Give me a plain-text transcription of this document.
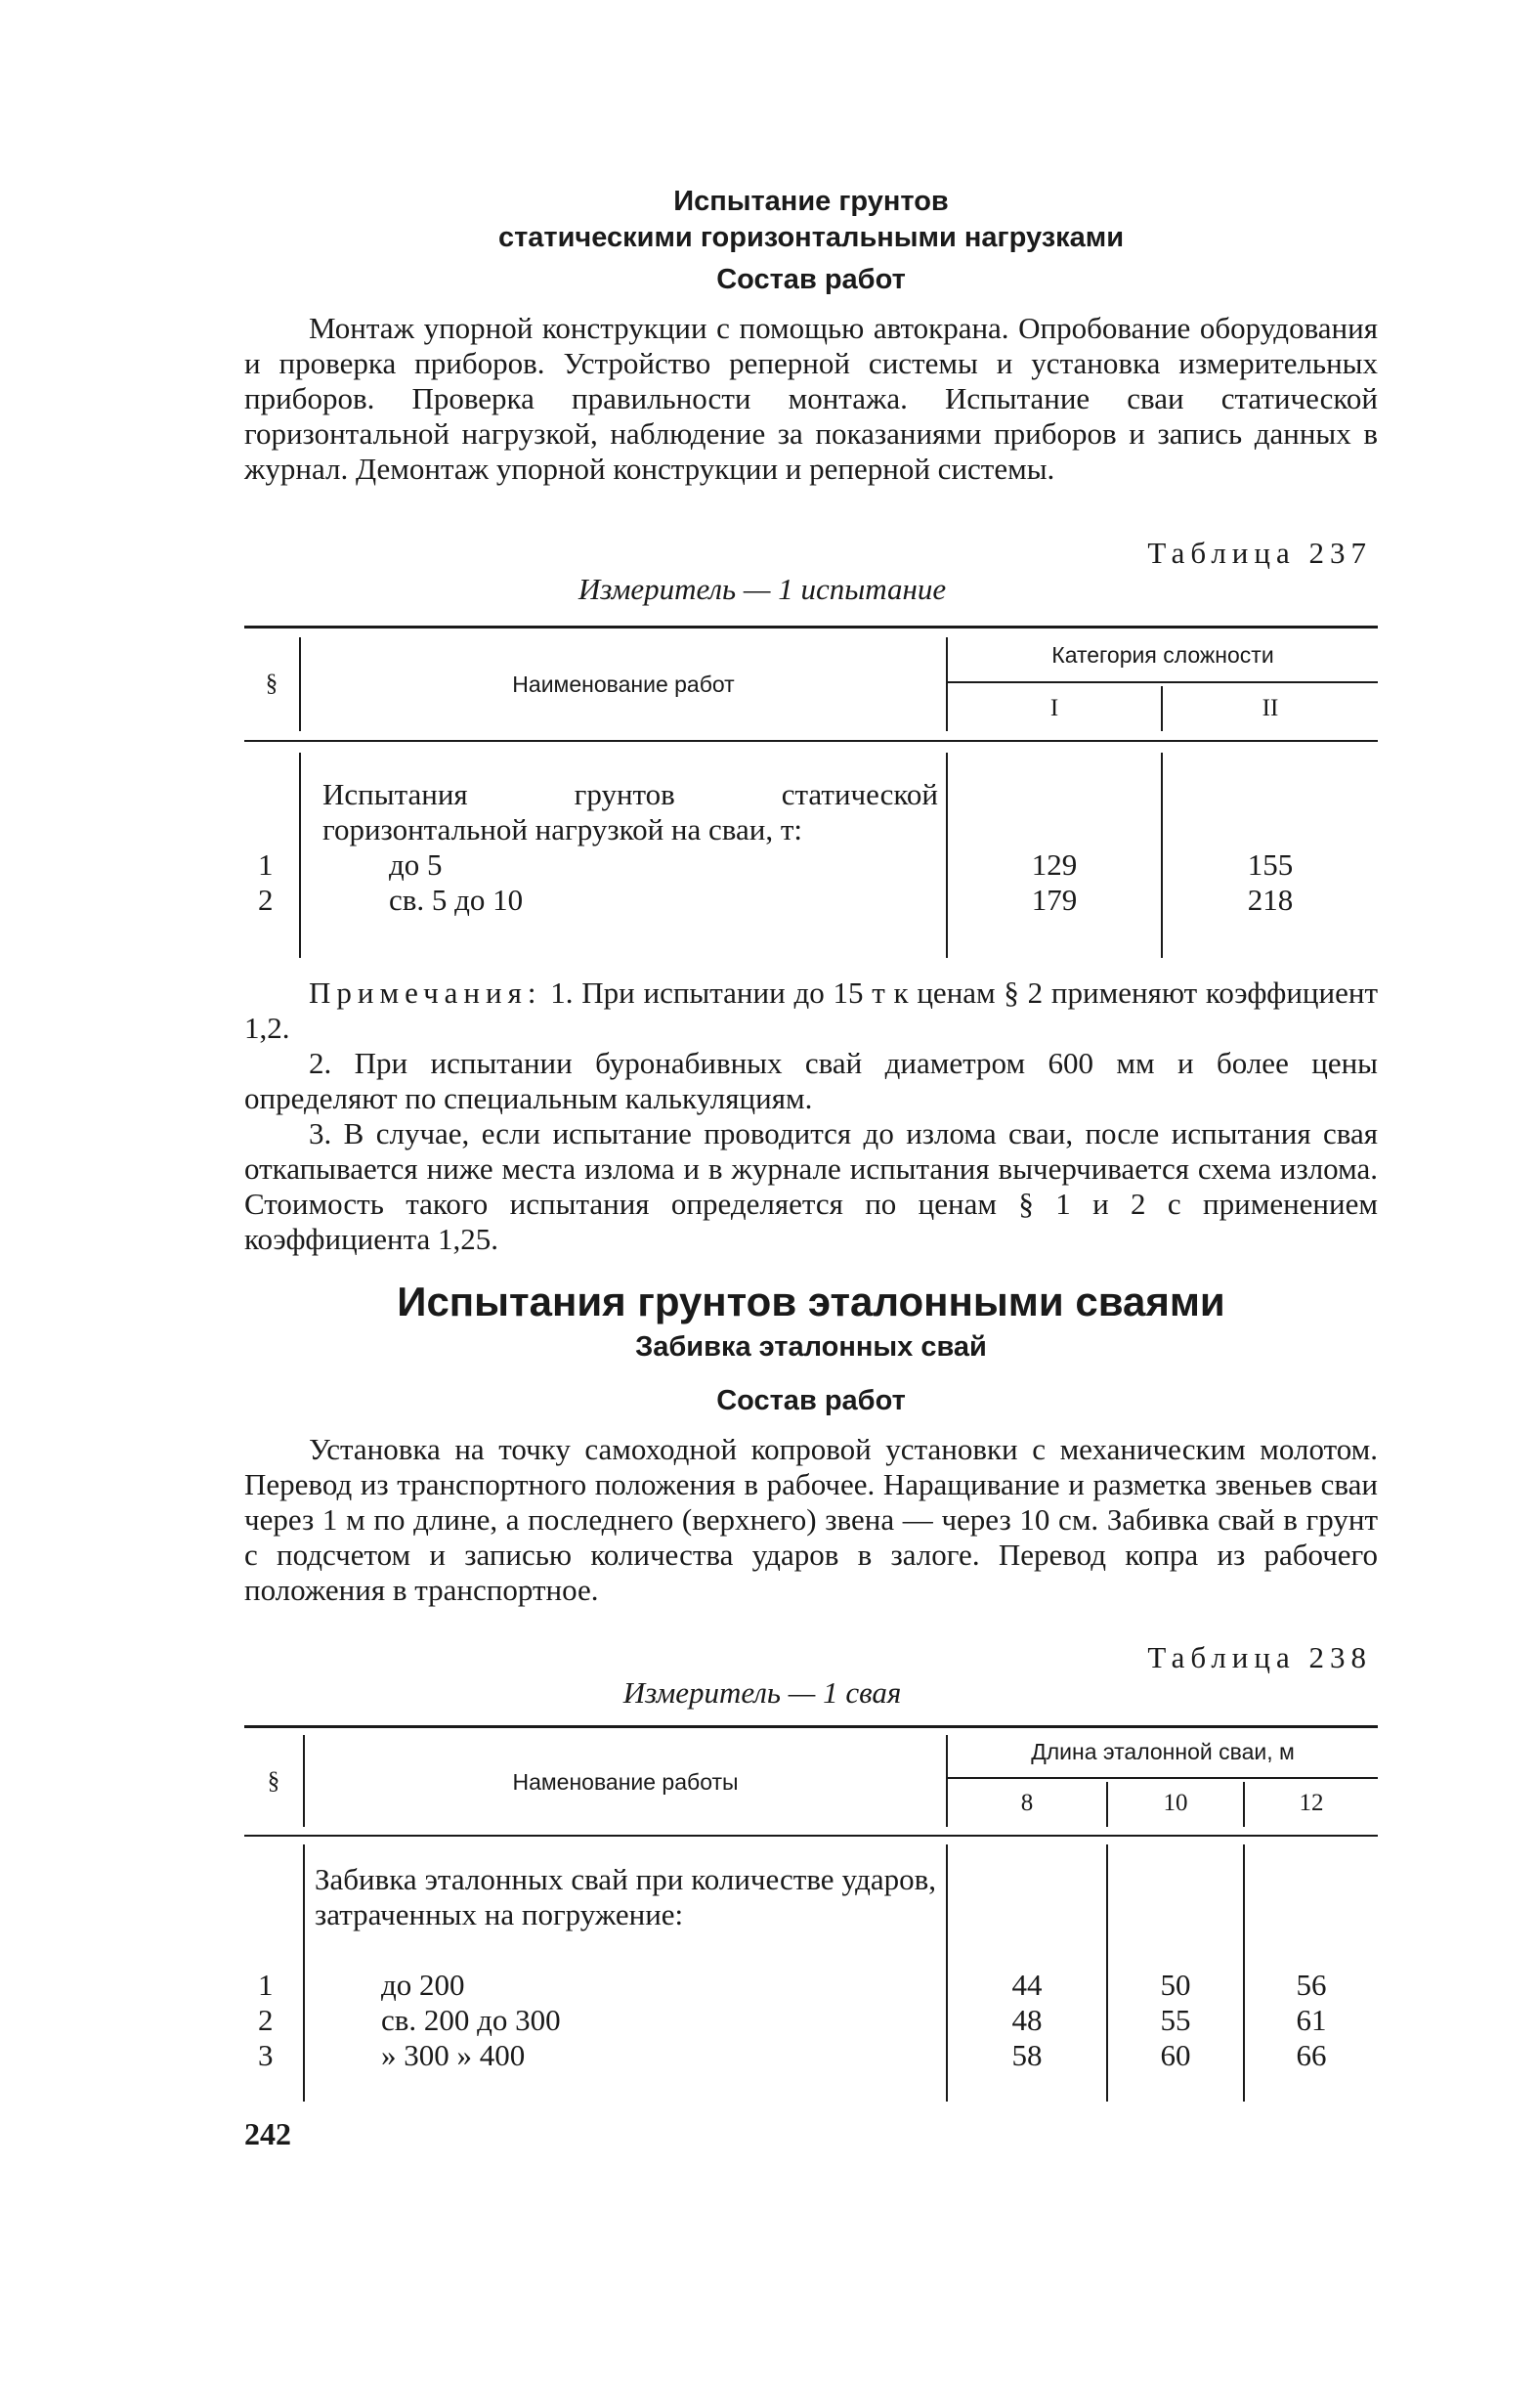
Испытание грунтов
статическими горизонтальными нагрузками
Состав работ

Монтаж упорной конструкции с помощью автокрана. Опробование оборудования и проверка приборов. Устройство реперной системы и установка измерительных приборов. Проверка правильности монтажа. Испытание сваи статической горизонтальной нагрузкой, наблюдение за показаниями приборов и запись данных в журнал. Демонтаж упорной конструкции и реперной системы.

Таблица 237
Измеритель — 1 испытание
§	Наименование работ
Категория сложности
I	II
Испытания грунтов статической горизонтальной нагрузкой на сваи, т:
1	до 5	129	155
2	св. 5 до 10	179	218

Примечания: 1. При испытании до 15 т к ценам § 2 применяют коэффициент 1,2.

2. При испытании буронабивных свай диаметром 600 мм и более цены определяют по специальным калькуляциям.

3. В случае, если испытание проводится до излома сваи, после испытания свая откапывается ниже места излома и в журнале испытания вычерчивается схема излома. Стоимость такого испытания определяется по ценам § 1 и 2 с применением коэффициента 1,25.

Испытания грунтов эталонными сваями
Забивка эталонных свай
Состав работ

Установка на точку самоходной копровой установки с механическим молотом. Перевод из транспортного положения в рабочее. Наращивание и разметка звеньев сваи через 1 м по длине, а последнего (верхнего) звена — через 10 см. Забивка свай в грунт с подсчетом и записью количества ударов в залоге. Перевод копра из рабочего положения в транспортное.

Таблица 238
Измеритель — 1 свая
§	Наменование работы
Длина эталонной сваи, м
8	10	12
Забивка эталонных свай при количестве ударов, затраченных на погружение:
1	до 200	44	50	56
2	св. 200 до 300	48	55	61
3	» 300 » 400	58	60	66
242
